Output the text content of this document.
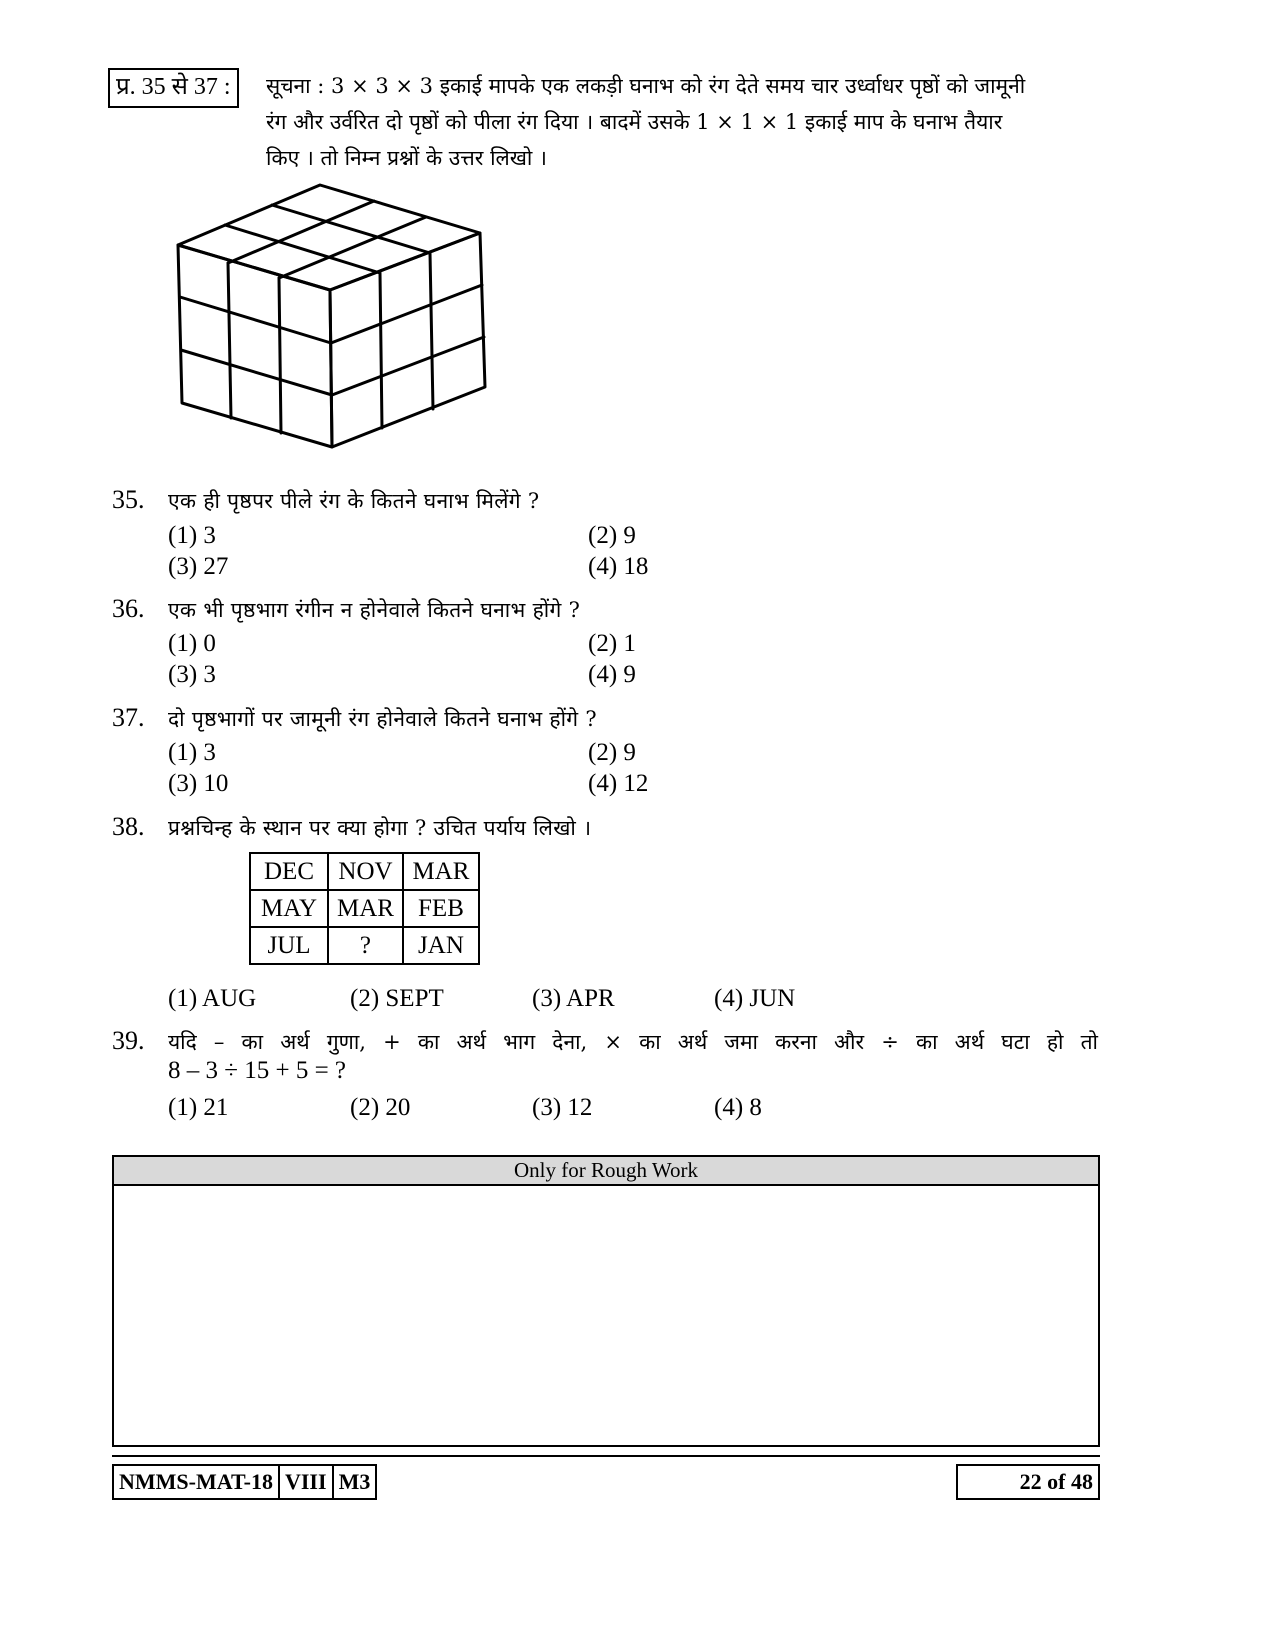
प्र. 35 से 37 :	सूचना : 3 × 3 × 3 इकाई मापके एक लकड़ी घनाभ को रंग देते समय चार उर्ध्वाधर पृष्ठों को जामूनी
रंग और उर्वरित दो पृष्ठों को पीला रंग दिया । बादमें उसके 1 × 1 × 1 इकाई माप के घनाभ तैयार
किए । तो निम्न प्रश्नों के उत्तर लिखो ।
35. एक ही पृष्ठपर पीले रंग के कितने घनाभ मिलेंगे ?
(1) 3	(2) 9
(3) 27	(4) 18
36. एक भी पृष्ठभाग रंगीन न होनेवाले कितने घनाभ होंगे ?
(1) 0	(2) 1
(3) 3	(4) 9
37. दो पृष्ठभागों पर जामूनी रंग होनेवाले कितने घनाभ होंगे ?
(1) 3	(2) 9
(3) 10	(4) 12
38. प्रश्नचिन्ह के स्थान पर क्या होगा ? उचित पर्याय लिखो ।
DEC	NOV	MAR
MAY	MAR	FEB
JUL	?	JAN
(1) AUG	(2) SEPT	(3) APR	(4) JUN
39. यदि – का अर्थ गुणा, + का अर्थ भाग देना, × का अर्थ जमा करना और ÷ का अर्थ घटा हो तो
8 – 3 ÷ 15 + 5 = ?
(1) 21	(2) 20	(3) 12	(4) 8
Only for Rough Work
NMMS-MAT-18 VIII M3	22 of 48
